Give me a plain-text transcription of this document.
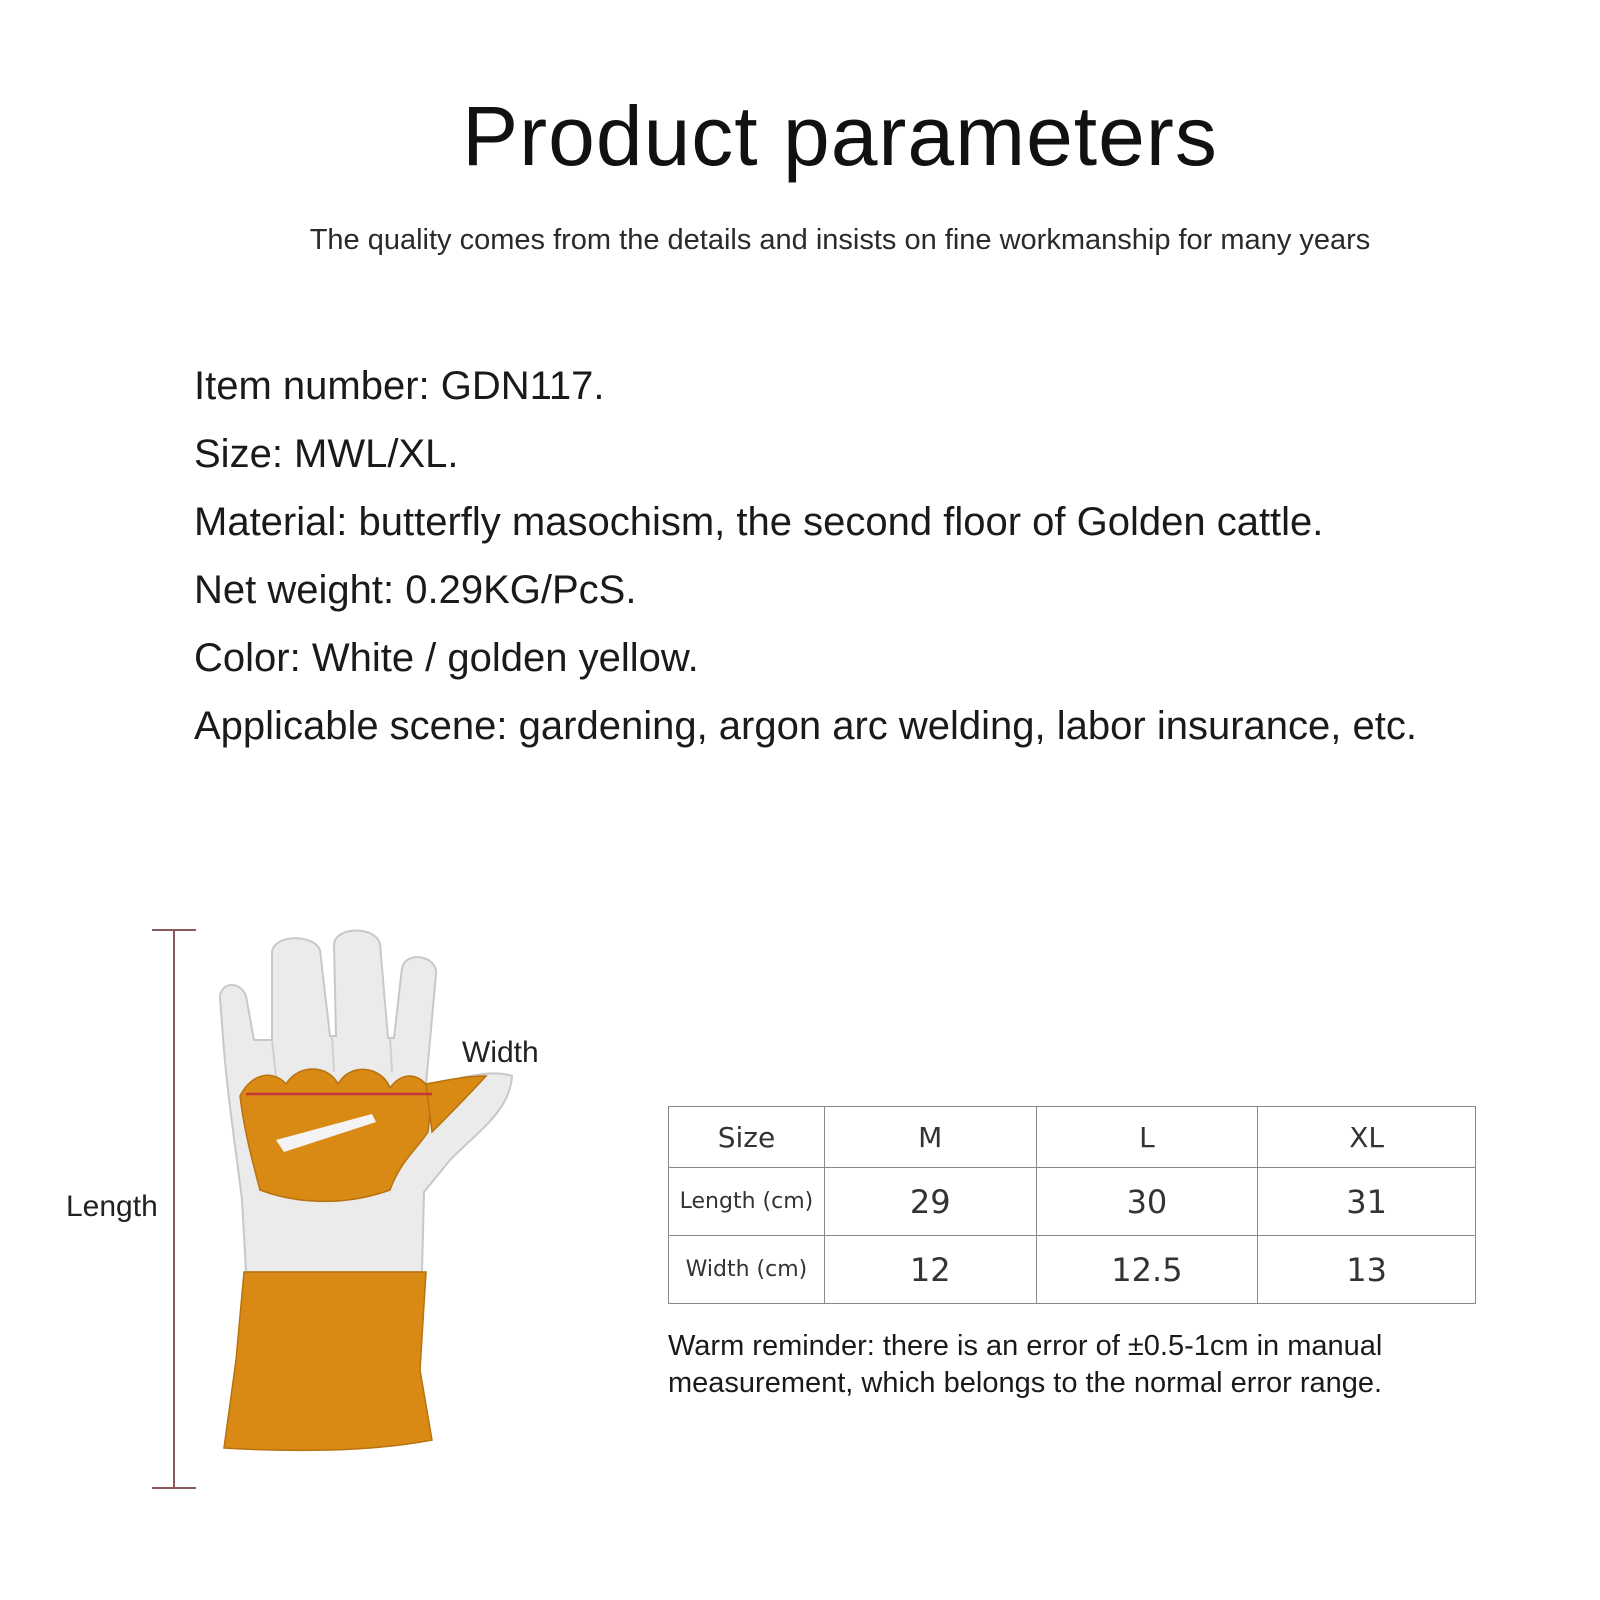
Product parameters
The quality comes from the details and insists on fine workmanship for many years
Item number: GDN117.
Size: MWL/XL.
Material: butterfly masochism, the second floor of Golden cattle.
Net weight: 0.29KG/PcS.
Color: White / golden yellow.
Applicable scene: gardening, argon arc welding, labor insurance, etc.
Length
Width
Size	M	L	XL
Length (cm)	29	30	31
Width (cm)	12	12.5	13
Warm reminder: there is an error of ±0.5-1cm in manual
measurement, which belongs to the normal error range.
